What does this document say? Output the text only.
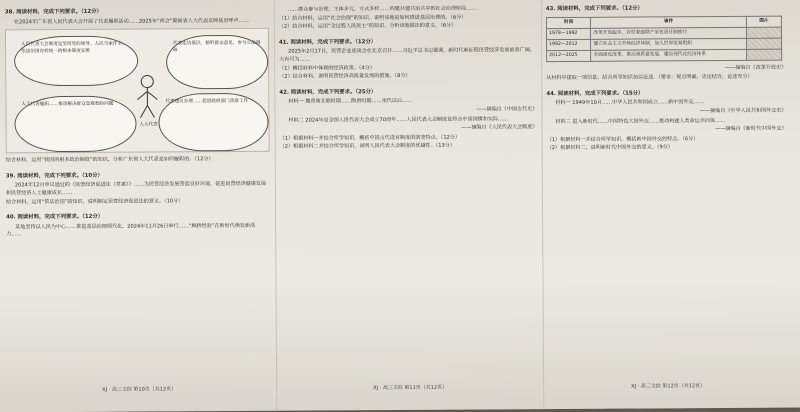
38. 阅读材料，完成下列要求。（12分）
在2024年广东省人民代表大会开展了代表履职活动……2025年“两会”期间省人大代表反映基层呼声……
人民代表大会制度是坚持党的领导、人民当家作主、依法治国有机统一的根本制度安排
代表走访基层，倾听群众意见，参与立法调研
人大代表履职……推动解决群众急难愁盼问题
代表建议办理……促进政府部门改进工作
人大代表
结合材料，运用“我国的根本政治制度”的知识，分析广东省人大代表是如何履职的。（12分）
39. 阅读材料，完成下列要求。（10分）
2024年12月审议通过的《民营经济促进法（草案）》……为民营经济发展营造良好环境，促进民营经济健康发展和民营经济人士健康成长……
结合材料，运用“依法治国”的知识，说明制定民营经济促进法的意义。（10分）
40. 阅读材料，完成下列要求。（12分）
某地坚持以人民为中心……推进基层治理现代化，2024年11月26日举行……“枫桥经验”在新时代焕发新活力……
XJ · 高三文综 第10页（共12页）
……群众参与治理，主体多元，方式多样……构建共建共治共享的社会治理格局……
（1）结合材料，运用“社会治理”的知识，说明该地是如何推进基层治理的。（6分）
（2）结合材料，运用“全过程人民民主”的知识，分析该地做法的意义。（6分）
41. 阅读材料，完成下列要求。（12分）
2025年2月17日，民营企业座谈会在北京召开……习近平总书记强调，新时代新征程民营经济发展前景广阔、大有可为……
（1）概括材料中体现的经济政策。（4分）
（2）结合材料，说明民营经济高质量发展的措施。（8分）
42. 阅读材料，完成下列要求。（25分）
材料一 魏晋南北朝时期……隋唐时期……宋代以后……
——摘编自《中国古代史》
材料二 2024年是全国人民代表大会成立70周年……人民代表大会制度是符合中国国情和实际……
——摘编自《人民代表大会制度》
（1）根据材料一并结合所学知识，概括中国古代选官制度的演变特点。（12分）
（2）根据材料二并结合所学知识，说明人民代表大会制度的优越性。（13分）
XJ · 高三文综 第11页（共12页）
43. 阅读材料，完成下列要求。（12分）
时间	事件	图片
1978—1992	改革开放起步，农村家庭联产承包责任制推行	
1992—2012	建立社会主义市场经济体制，加入世界贸易组织	
2012—2025	全面深化改革，推动高质量发展，建设现代化经济体系	
——摘编自《改革开放史》
从材料中提取一项信息，结合所学知识加以论述。（要求：观点明确，史论结合，论述充分）
44. 阅读材料，完成下列要求。（15分）
材料一 1949年10月……中华人民共和国成立……新中国外交……
——摘编自《中华人民共和国外交史》
材料二 进入新时代……中国特色大国外交……推动构建人类命运共同体……
——摘编自《新时代中国外交》
（1）根据材料一并结合所学知识，概括新中国外交的特点。（6分）
（2）根据材料二，说明新时代中国外交的意义。（9分）
XJ · 高三文综 第12页（共12页）
